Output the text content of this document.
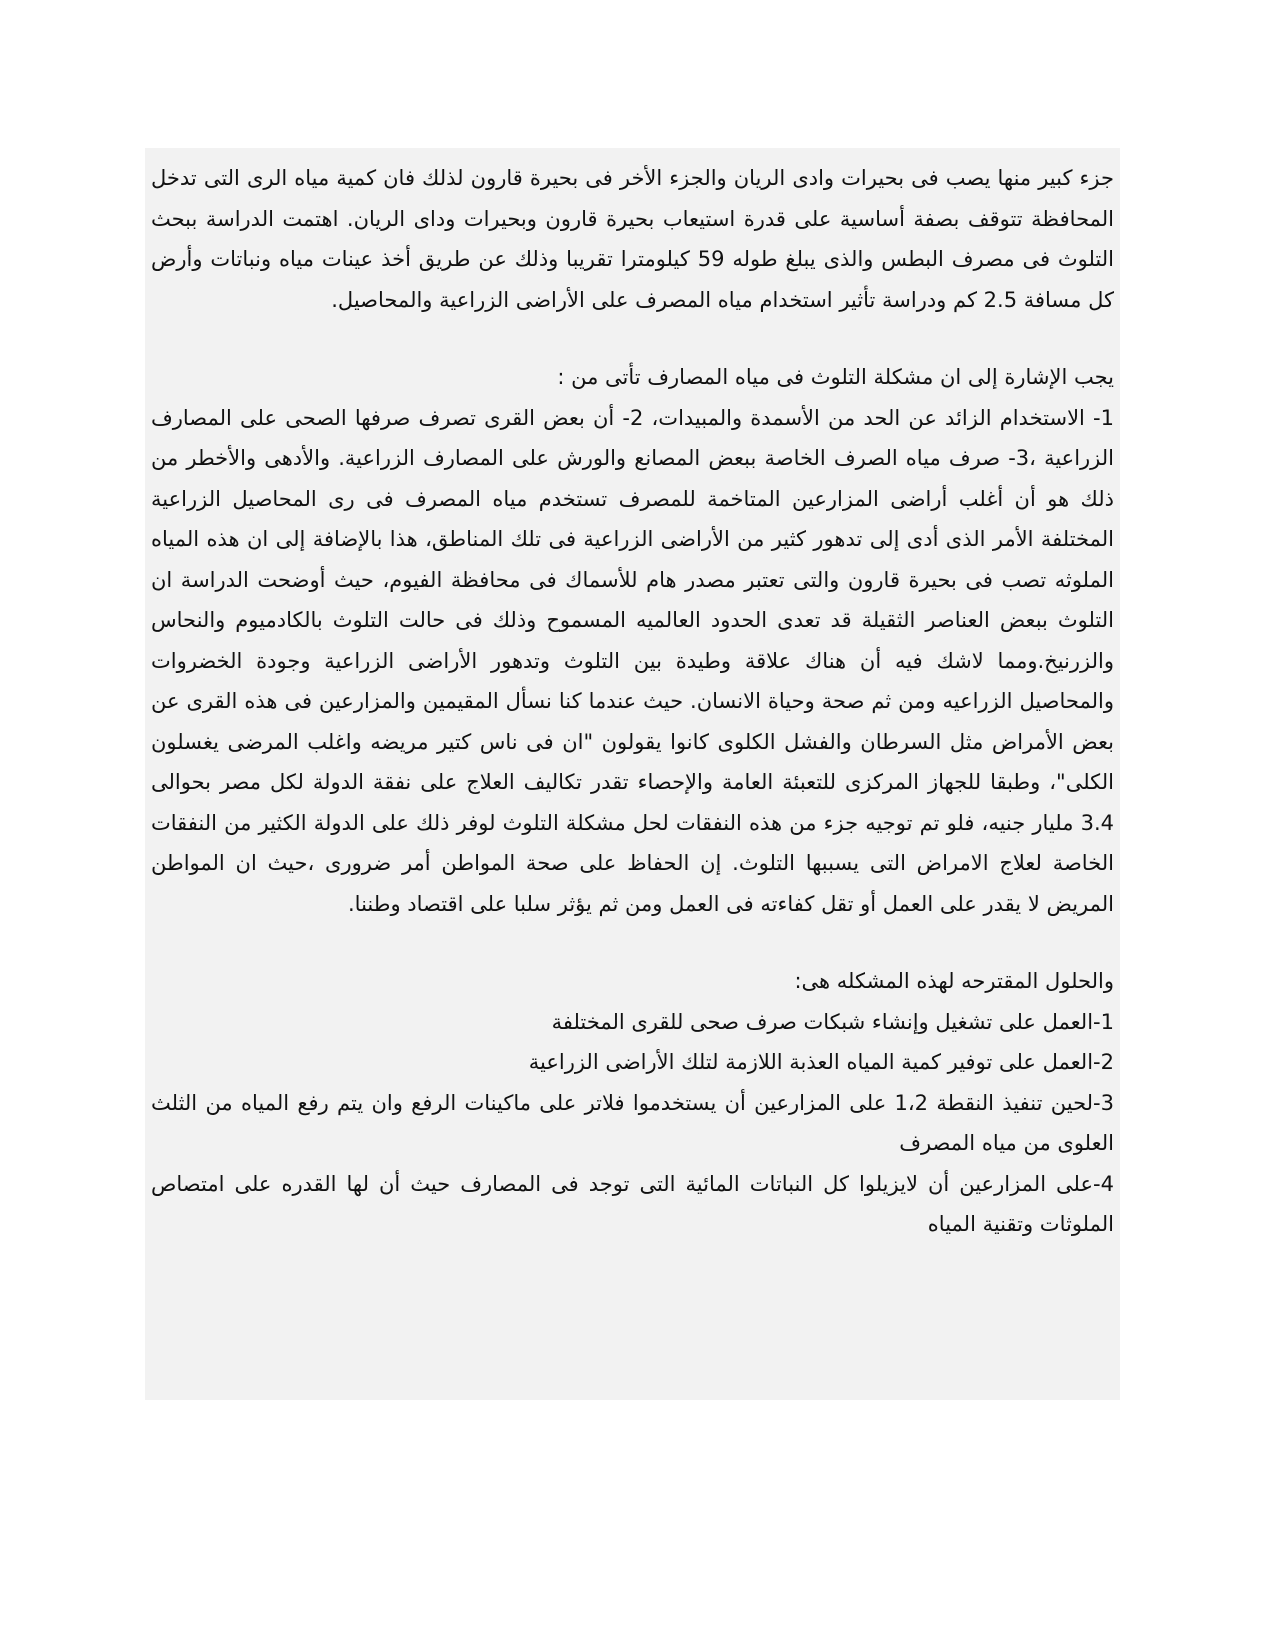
جزء كبير منها يصب فى بحيرات وادى الريان والجزء الأخر فى بحيرة قارون لذلك فان كمية مياه الرى التى تدخل المحافظة تتوقف بصفة أساسية على قدرة استيعاب بحيرة قارون وبحيرات وداى الريان. اهتمت الدراسة ببحث التلوث فى مصرف البطس والذى يبلغ طوله 59 كيلومترا تقريبا وذلك عن طريق أخذ عينات مياه ونباتات وأرض كل مسافة 2.5 كم ودراسة تأثير استخدام مياه المصرف على الأراضى الزراعية والمحاصيل.

يجب الإشارة إلى ان مشكلة التلوث فى مياه المصارف تأتى من :

1- الاستخدام الزائد عن الحد من الأسمدة والمبيدات، 2- أن بعض القرى تصرف صرفها الصحى على المصارف الزراعية ،3- صرف مياه الصرف الخاصة ببعض المصانع والورش على المصارف الزراعية. والأدهى والأخطر من ذلك هو أن أغلب أراضى المزارعين المتاخمة للمصرف تستخدم مياه المصرف فى رى المحاصيل الزراعية المختلفة الأمر الذى أدى إلى تدهور كثير من الأراضى الزراعية فى تلك المناطق، هذا بالإضافة إلى ان هذه المياه الملوثه تصب فى بحيرة قارون والتى تعتبر مصدر هام للأسماك فى محافظة الفيوم، حيث أوضحت الدراسة ان التلوث ببعض العناصر الثقيلة قد تعدى الحدود العالميه المسموح وذلك فى حالت التلوث بالكادميوم والنحاس والزرنيخ.ومما لاشك فيه أن هناك علاقة وطيدة بين التلوث وتدهور الأراضى الزراعية وجودة الخضروات والمحاصيل الزراعيه ومن ثم صحة وحياة الانسان. حيث عندما كنا نسأل المقيمين والمزارعين فى هذه القرى عن بعض الأمراض مثل السرطان والفشل الكلوى كانوا يقولون "ان فى ناس كتير مريضه واغلب المرضى يغسلون الكلى"، وطبقا للجهاز المركزى للتعبئة العامة والإحصاء تقدر تكاليف العلاج على نفقة الدولة لكل مصر بحوالى 3.4 مليار جنيه، فلو تم توجيه جزء من هذه النفقات لحل مشكلة التلوث لوفر ذلك على الدولة الكثير من النفقات الخاصة لعلاج الامراض التى يسببها التلوث. إن الحفاظ على صحة المواطن أمر ضرورى ،حيث ان المواطن المريض لا يقدر على العمل أو تقل كفاءته فى العمل ومن ثم يؤثر سلبا على اقتصاد وطننا.

والحلول المقترحه لهذه المشكله هى:

1-العمل على تشغيل وإنشاء شبكات صرف صحى للقرى المختلفة

2-العمل على توفير كمية المياه العذبة اللازمة لتلك الأراضى الزراعية

3-لحين تنفيذ النقطة 1،2 على المزارعين أن يستخدموا فلاتر على ماكينات الرفع وان يتم رفع المياه من الثلث العلوى من مياه المصرف

4-على المزارعين أن لايزيلوا كل النباتات المائية التى توجد فى المصارف حيث أن لها القدره على امتصاص الملوثات وتقنية المياه
